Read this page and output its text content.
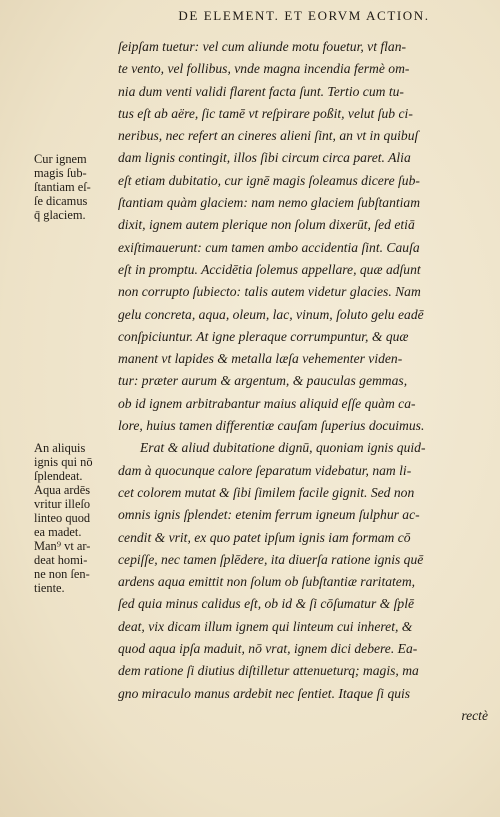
DE ELEMENT. ET EORVM ACTION.
Cur ignem
magis ſub-
ſtantiam eſ-
ſe dicamus
q̄ glaciem.
An aliquis
ignis qui nō
ſplendeat.
Aqua ardēs
vritur illeſo
linteo quod
ea madet.
Man⁹ vt ar-
deat homi-
ne non ſen-
tiente.
ſeipſam tuetur: vel cum aliunde motu fouetur, vt flan-
te vento, vel follibus, vnde magna incendia fermè om-
nia dum venti validi flarent facta ſunt. Tertio cum tu-
tus eſt ab aëre, ſic tamē vt reſpirare poßit, velut ſub ci-
neribus, nec refert an cineres alieni ſint, an vt in quibuſ
dam lignis contingit, illos ſibi circum circa paret. Alia
eſt etiam dubitatio, cur ignē magis ſoleamus dicere ſub-
ſtantiam quàm glaciem: nam nemo glaciem ſubſtantiam
dixit, ignem autem plerique non ſolum dixerūt, ſed etiā
exiſtimauerunt: cum tamen ambo accidentia ſint. Cauſa
eſt in promptu. Accidētia ſolemus appellare, quæ adſunt
non corrupto ſubiecto: talis autem videtur glacies. Nam
gelu concreta, aqua, oleum, lac, vinum, ſoluto gelu eadē
conſpiciuntur. At igne pleraque corrumpuntur, & quæ
manent vt lapides & metalla læſa vehementer viden-
tur: præter aurum & argentum, & pauculas gemmas,
ob id ignem arbitrabantur maius aliquid eſſe quàm ca-
lore, huius tamen differentiæ cauſam ſuperius docuimus.
Erat & aliud dubitatione dignū, quoniam ignis quid-
dam à quocunque calore ſeparatum videbatur, nam li-
cet colorem mutat & ſibi ſimilem facile gignit. Sed non
omnis ignis ſplendet: etenim ferrum igneum ſulphur ac-
cendit & vrit, ex quo patet ipſum ignis iam formam cō
cepiſſe, nec tamen ſplēdere, ita diuerſa ratione ignis quē
ardens aqua emittit non ſolum ob ſubſtantiæ raritatem,
ſed quia minus calidus eſt, ob id & ſi cōſumatur & ſplē
deat, vix dicam illum ignem qui linteum cui inheret, &
quod aqua ipſa maduit, nō vrat, ignem dici debere. Ea-
dem ratione ſi diutius diſtilletur attenueturq; magis, ma
gno miraculo manus ardebit nec ſentiet. Itaque ſi quis
rectè
